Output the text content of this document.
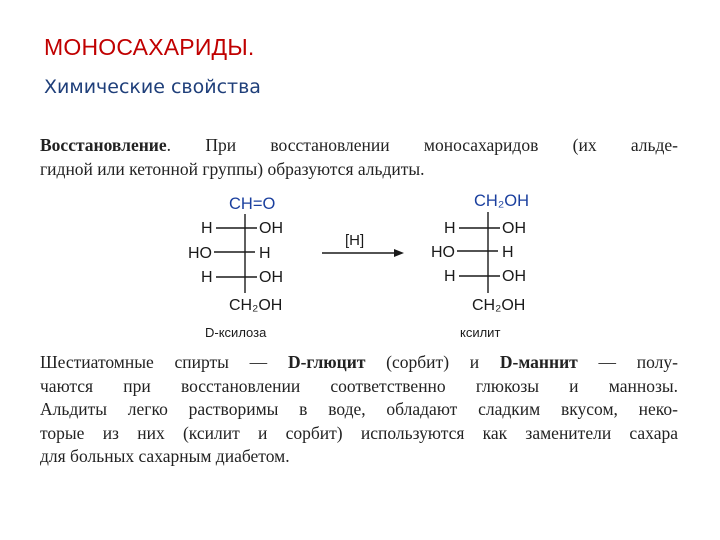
МОНОСАХАРИДЫ.
Химические свойства
Восстановление. При восстановлении моносахаридов (их альде-
гидной или кетонной группы) образуются альдиты.
CH=O
H	OH
HO	H
H	OH
CH₂OH
D-ксилоза
[H]
CH₂OH
H	OH
HO	H
H	OH
CH₂OH
ксилит
Шестиатомные спирты — D-глюцит (сорбит) и D-маннит — полу-
чаются при восстановлении соответственно глюкозы и маннозы.
Альдиты легко растворимы в воде, обладают сладким вкусом, неко-
торые из них (ксилит и сорбит) используются как заменители сахара
для больных сахарным диабетом.
